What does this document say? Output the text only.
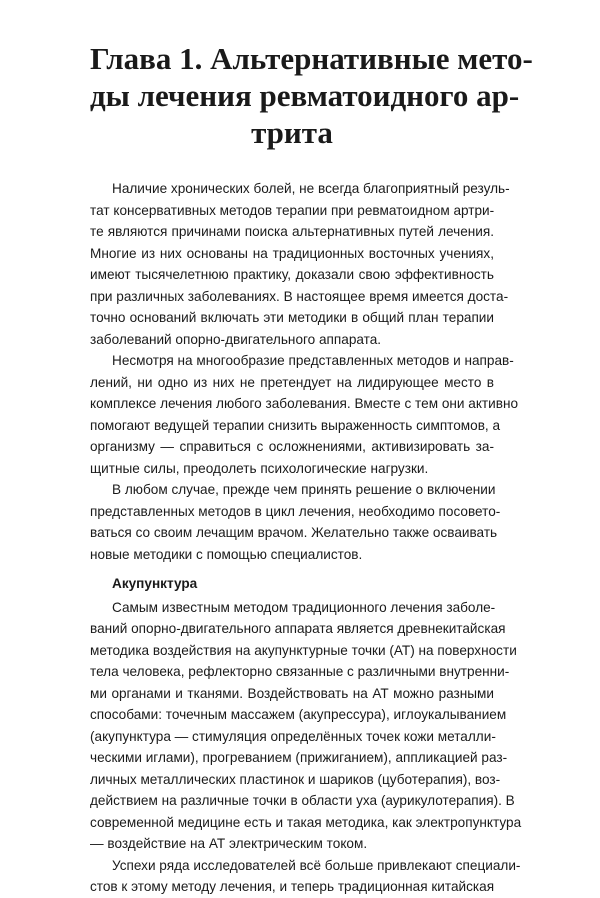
Глава 1. Альтернативные мето-
ды лечения ревматоидного ар-
трита
Наличие хронических болей, не всегда благоприятный резуль-
тат консервативных методов терапии при ревматоидном артри-
те являются причинами поиска альтернативных путей лечения.
Многие из них основаны на традиционных восточных учениях,
имеют тысячелетнюю практику, доказали свою эффективность
при различных заболеваниях. В настоящее время имеется доста-
точно оснований включать эти методики в общий план терапии
заболеваний опорно-двигательного аппарата.
Несмотря на многообразие представленных методов и направ-
лений, ни одно из них не претендует на лидирующее место в
комплексе лечения любого заболевания. Вместе с тем они активно
помогают ведущей терапии снизить выраженность симптомов, а
организму — справиться с осложнениями, активизировать за-
щитные силы, преодолеть психологические нагрузки.
В любом случае, прежде чем принять решение о включении
представленных методов в цикл лечения, необходимо посовето-
ваться со своим лечащим врачом. Желательно также осваивать
новые методики с помощью специалистов.
Акупунктура
Самым известным методом традиционного лечения заболе-
ваний опорно-двигательного аппарата является древнекитайская
методика воздействия на акупунктурные точки (АТ) на поверхности
тела человека, рефлекторно связанные с различными внутренни-
ми органами и тканями. Воздействовать на АТ можно разными
способами: точечным массажем (акупрессура), иглоукалыванием
(акупунктура — стимуляция определённых точек кожи металли-
ческими иглами), прогреванием (прижиганием), аппликацией раз-
личных металлических пластинок и шариков (цуботерапия), воз-
действием на различные точки в области уха (аурикулотерапия). В
современной медицине есть и такая методика, как электропунктура
— воздействие на АТ электрическим током.
Успехи ряда исследователей всё больше привлекают специали-
стов к этому методу лечения, и теперь традиционная китайская
